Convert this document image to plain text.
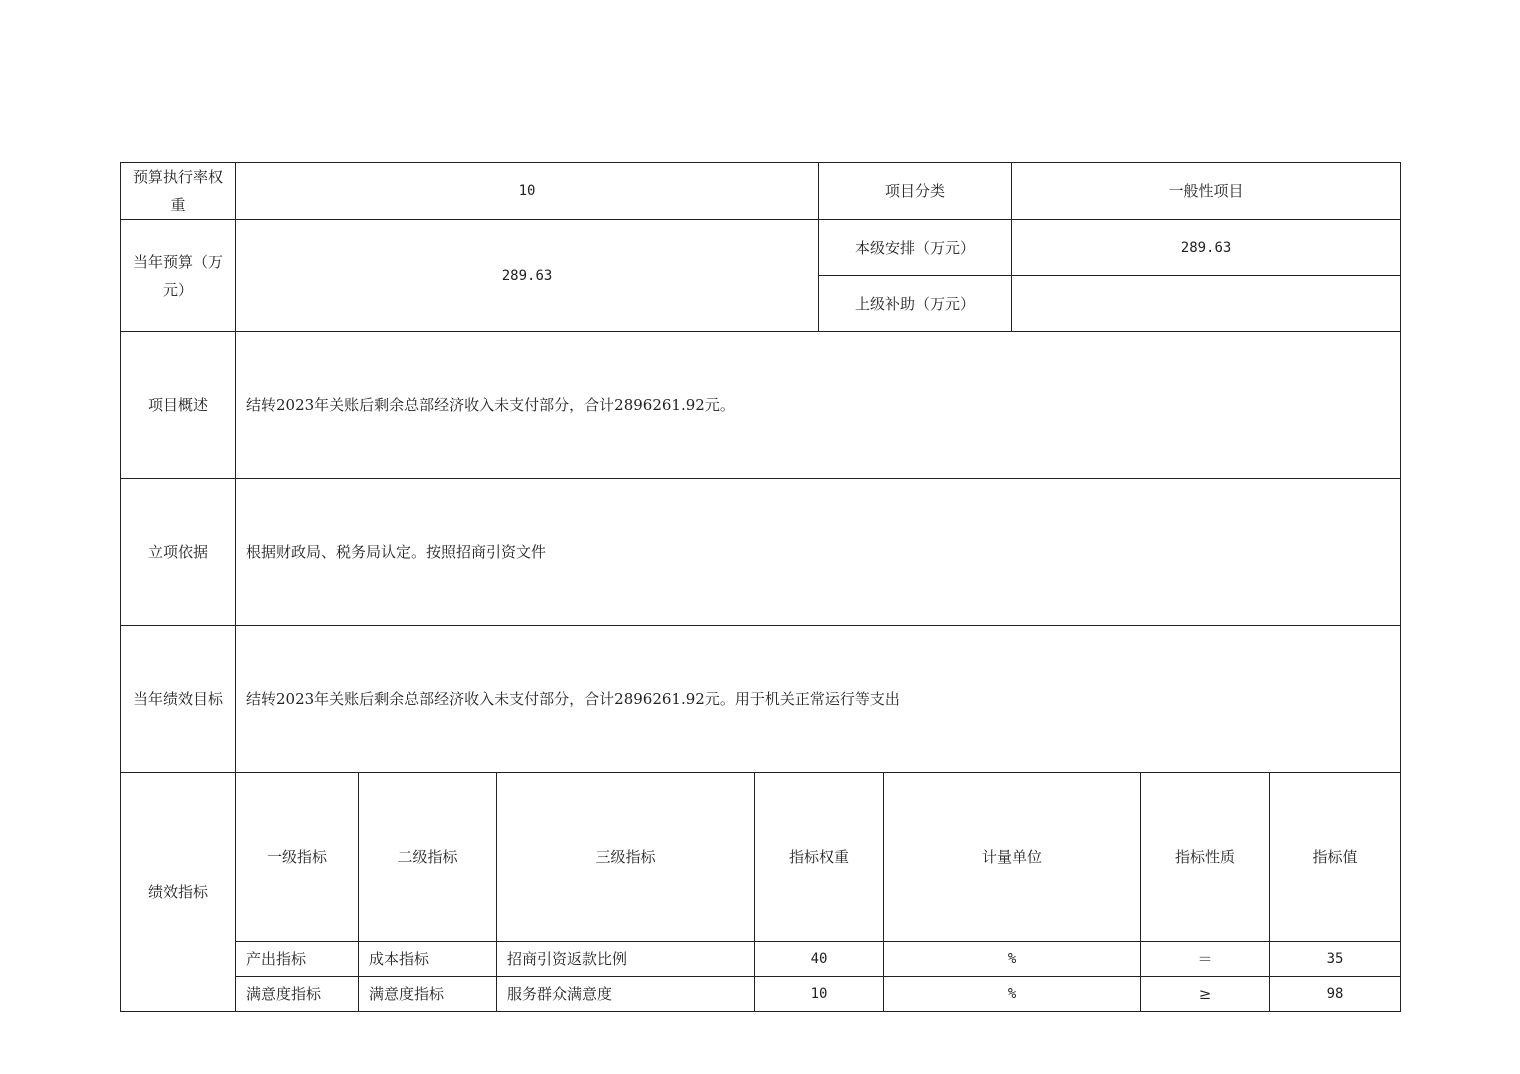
预算执行率权重	10				项目分类		一般性项目			
当年预算（万元）	289.63				本级安排（万元）		289.63			
					上级补助（万元）					
项目概述	结转2023年关账后剩余总部经济收入未支付部分，合计2896261.92元。									
立项依据	根据财政局、税务局认定。按照招商引资文件									
当年绩效目标	结转2023年关账后剩余总部经济收入未支付部分，合计2896261.92元。用于机关正常运行等支出									
绩效指标	一级指标	二级指标	三级指标	指标权重		计量单位		指标性质	指标值	
	产出指标	成本指标	招商引资返款比例	40		%		＝	35	
	满意度指标	满意度指标	服务群众满意度	10		%		≥	98	
